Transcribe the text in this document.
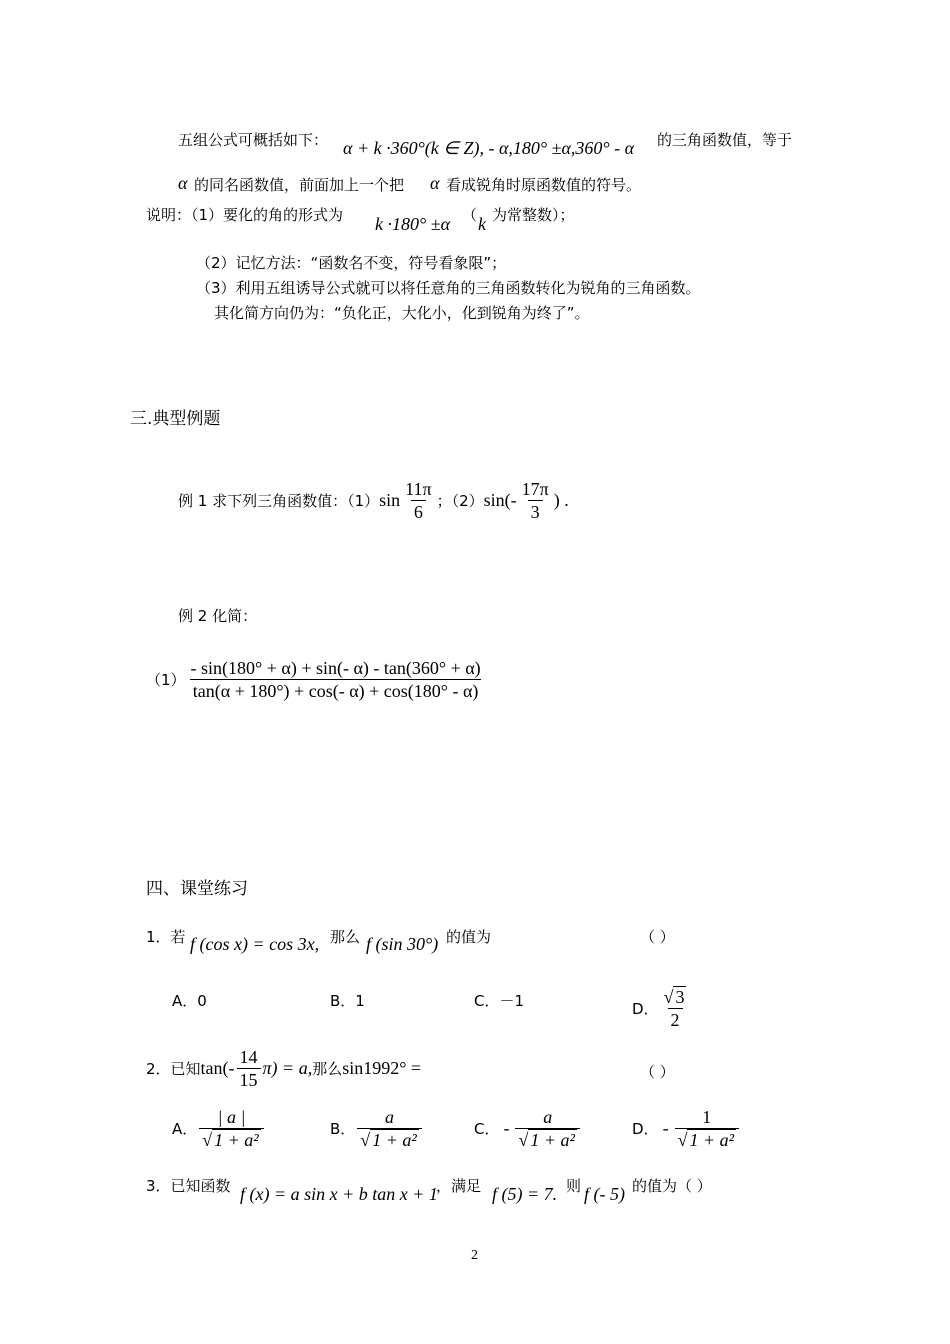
五组公式可概括如下： α + k ·360°(k ∈ Z), - α,180° ±α,360° - α 的三角函数值，等于
α 的同名函数值，前面加上一个把 α 看成锐角时原函数值的符号。
说明：（1）要化的角的形式为 k ·180° ±α （ k 为常整数）；
（2）记忆方法：“函数名不变，符号看象限”；
（3）利用五组诱导公式就可以将任意角的三角函数转化为锐角的三角函数。
其化简方向仍为：“负化正，大化小，化到锐角为终了”。
三.典型例题
例 1 求下列三角函数值：（1） $\sin \frac{11\pi}{6}$ ；（2） $\sin(- \frac{17\pi}{3}$ ) .
例 2 化简：
$(1) \frac{- \sin(180^\circ + \alpha) + \sin(- \alpha) - \tan(360^\circ + \alpha)}{\tan(\alpha + 180^\circ) + \cos(- \alpha) + \cos(180^\circ - \alpha)}$
四、课堂练习
1．若 f (cos x) = cos 3x, 那么 f (sin 30°) 的值为	（ ）
A．0	B．1	C．－1	D． $\frac{√ 3}{2}$
2．已知 $\tan(- \frac{14}{15} \pi) = a$, 那么 sin1992° =	（ ）
A． $\frac{| a |}{\text{√ 1 + a²}}$	B． $\frac{a}{\text{√ 1 + a²}}$	C． - $\frac{a}{\text{√ 1 + a²}}$	D． - $\frac{1}{\text{√ 1 + a²}}$
3．已知函数 f (x) = a sin x + b tan x + 1
，满足 f (5) = 7. 则 f (- 5) 的值为（ ）
2
